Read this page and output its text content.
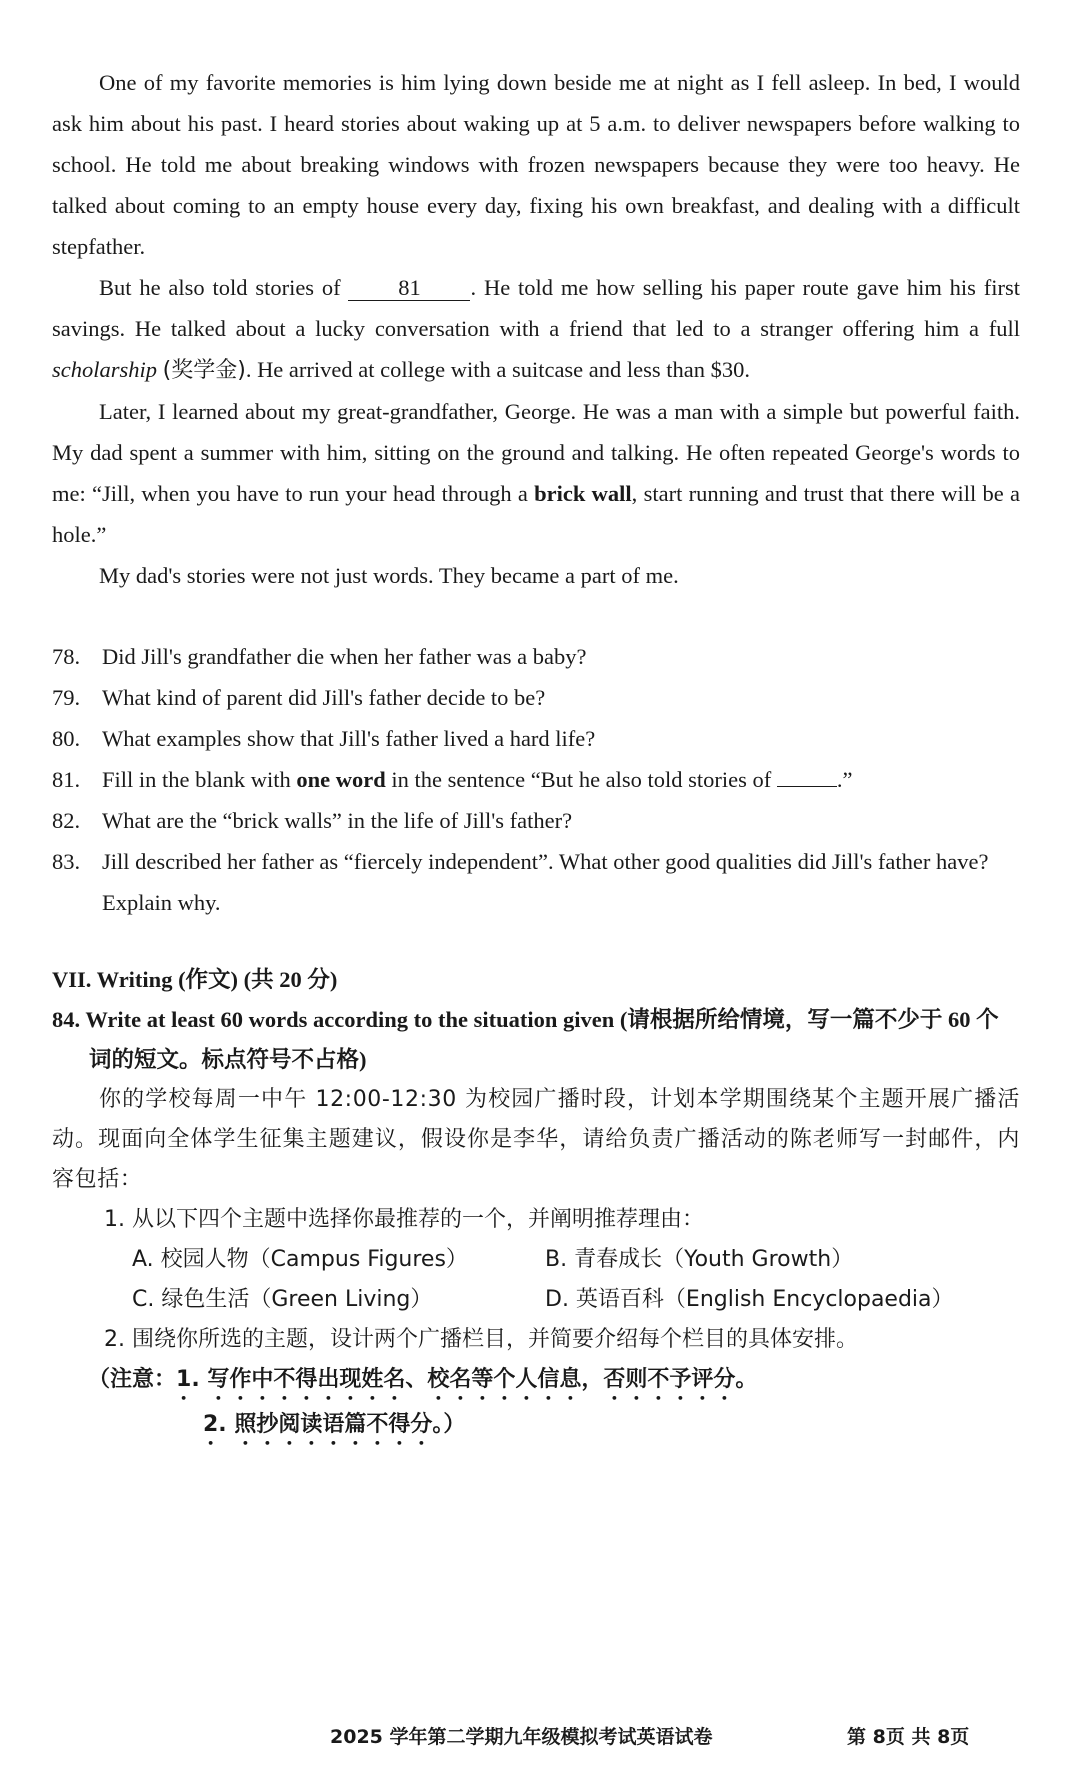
One of my favorite memories is him lying down beside me at night as I fell asleep. In bed, I would ask him about his past. I heard stories about waking up at 5 a.m. to deliver newspapers before walking to school. He told me about breaking windows with frozen newspapers because they were too heavy. He talked about coming to an empty house every day, fixing his own breakfast, and dealing with a difficult stepfather.

But he also told stories of 81 . He told me how selling his paper route gave him his first savings. He talked about a lucky conversation with a friend that led to a stranger offering him a full scholarship (奖学金). He arrived at college with a suitcase and less than $30.

Later, I learned about my great-grandfather, George. He was a man with a simple but powerful faith. My dad spent a summer with him, sitting on the ground and talking. He often repeated George's words to me: “Jill, when you have to run your head through a brick wall, start running and trust that there will be a hole.”

My dad's stories were not just words. They became a part of me.

78. Did Jill's grandfather die when her father was a baby?

79. What kind of parent did Jill's father decide to be?

80. What examples show that Jill's father lived a hard life?

81. Fill in the blank with one word in the sentence “But he also told stories of	.”

82. What are the “brick walls” in the life of Jill's father?

83. Jill described her father as “fiercely independent”. What other good qualities did Jill's father have? Explain why.

VII. Writing (作文) (共 20 分)

84. Write at least 60 words according to the situation given (请根据所给情境，写一篇不少于 60 个词的短文。标点符号不占格)

你的学校每周一中午 12:00-12:30 为校园广播时段，计划本学期围绕某个主题开展广播活动。现面向全体学生征集主题建议，假设你是李华，请给负责广播活动的陈老师写一封邮件，内容包括：

1. 从以下四个主题中选择你最推荐的一个，并阐明推荐理由：

A. 校园人物（Campus Figures）	B. 青春成长（Youth Growth）
C. 绿色生活（Green Living）	D. 英语百科（English Encyclopaedia）

2. 围绕你所选的主题，设计两个广播栏目，并简要介绍每个栏目的具体安排。

（注意：1. 写作中不得出现姓名、校名等个人信息，否则不予评分。

2. 照抄阅读语篇不得分。）

2025 学年第二学期九年级模拟考试英语试卷	第 8页 共 8页
